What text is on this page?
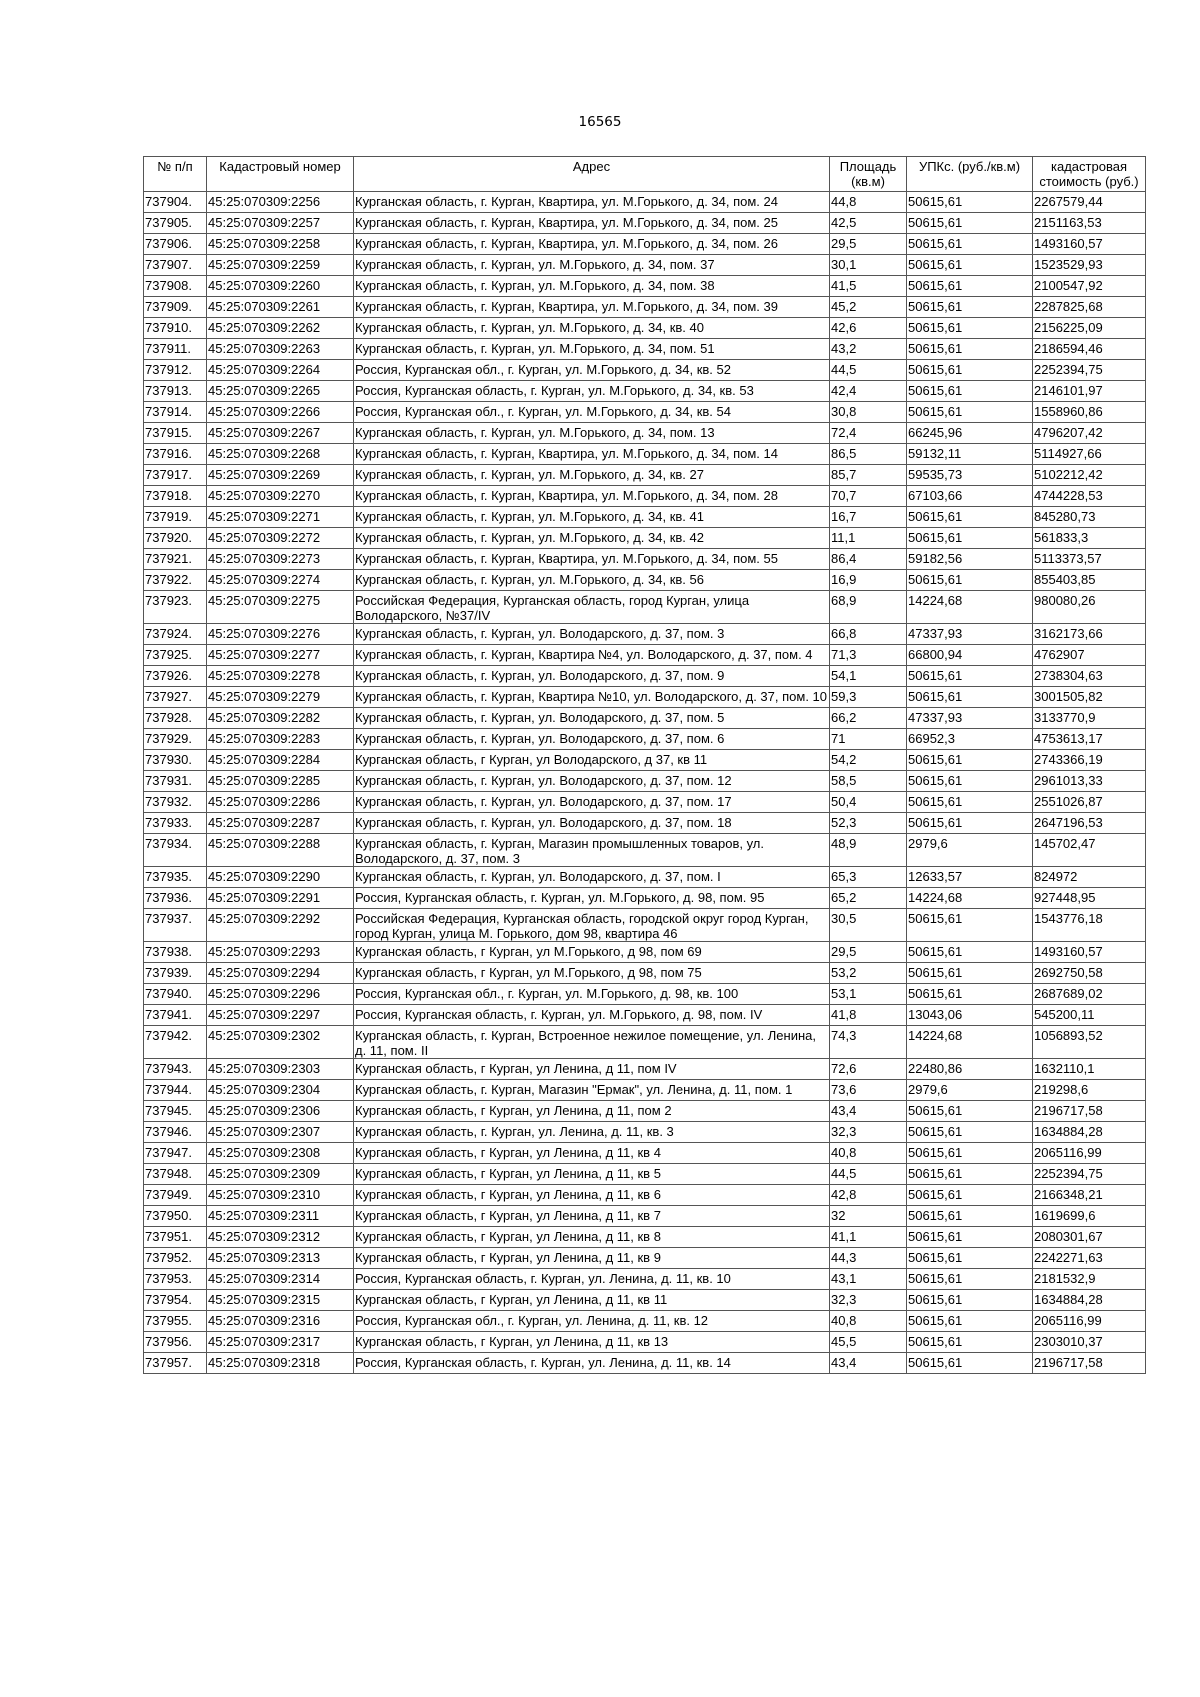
16565
№ п/п	Кадастровый номер	Адрес	Площадь (кв.м)	УПКс. (руб./кв.м)	кадастровая стоимость (руб.)
737904.	45:25:070309:2256	Курганская область, г. Курган, Квартира, ул. М.Горького, д. 34, пом. 24	44,8	50615,61	2267579,44
737905.	45:25:070309:2257	Курганская область, г. Курган, Квартира, ул. М.Горького, д. 34, пом. 25	42,5	50615,61	2151163,53
737906.	45:25:070309:2258	Курганская область, г. Курган, Квартира, ул. М.Горького, д. 34, пом. 26	29,5	50615,61	1493160,57
737907.	45:25:070309:2259	Курганская область, г. Курган, ул. М.Горького, д. 34, пом. 37	30,1	50615,61	1523529,93
737908.	45:25:070309:2260	Курганская область, г. Курган, ул. М.Горького, д. 34, пом. 38	41,5	50615,61	2100547,92
737909.	45:25:070309:2261	Курганская область, г. Курган, Квартира, ул. М.Горького, д. 34, пом. 39	45,2	50615,61	2287825,68
737910.	45:25:070309:2262	Курганская область, г. Курган, ул. М.Горького, д. 34, кв. 40	42,6	50615,61	2156225,09
737911.	45:25:070309:2263	Курганская область, г. Курган, ул. М.Горького, д. 34, пом. 51	43,2	50615,61	2186594,46
737912.	45:25:070309:2264	Россия, Курганская обл., г. Курган, ул. М.Горького, д. 34, кв. 52	44,5	50615,61	2252394,75
737913.	45:25:070309:2265	Россия, Курганская область, г. Курган, ул. М.Горького, д. 34, кв. 53	42,4	50615,61	2146101,97
737914.	45:25:070309:2266	Россия, Курганская обл., г. Курган, ул. М.Горького, д. 34, кв. 54	30,8	50615,61	1558960,86
737915.	45:25:070309:2267	Курганская область, г. Курган, ул. М.Горького, д. 34, пом. 13	72,4	66245,96	4796207,42
737916.	45:25:070309:2268	Курганская область, г. Курган, Квартира, ул. М.Горького, д. 34, пом. 14	86,5	59132,11	5114927,66
737917.	45:25:070309:2269	Курганская область, г. Курган, ул. М.Горького, д. 34, кв. 27	85,7	59535,73	5102212,42
737918.	45:25:070309:2270	Курганская область, г. Курган, Квартира, ул. М.Горького, д. 34, пом. 28	70,7	67103,66	4744228,53
737919.	45:25:070309:2271	Курганская область, г. Курган, ул. М.Горького, д. 34, кв. 41	16,7	50615,61	845280,73
737920.	45:25:070309:2272	Курганская область, г. Курган, ул. М.Горького, д. 34, кв. 42	11,1	50615,61	561833,3
737921.	45:25:070309:2273	Курганская область, г. Курган, Квартира, ул. М.Горького, д. 34, пом. 55	86,4	59182,56	5113373,57
737922.	45:25:070309:2274	Курганская область, г. Курган, ул. М.Горького, д. 34, кв. 56	16,9	50615,61	855403,85
737923.	45:25:070309:2275	Российская Федерация, Курганская область, город Курган, улица Володарского, №37/IV	68,9	14224,68	980080,26
737924.	45:25:070309:2276	Курганская область, г. Курган, ул. Володарского, д. 37, пом. 3	66,8	47337,93	3162173,66
737925.	45:25:070309:2277	Курганская область, г. Курган, Квартира №4, ул. Володарского, д. 37, пом. 4	71,3	66800,94	4762907
737926.	45:25:070309:2278	Курганская область, г. Курган, ул. Володарского, д. 37, пом. 9	54,1	50615,61	2738304,63
737927.	45:25:070309:2279	Курганская область, г. Курган, Квартира №10, ул. Володарского, д. 37, пом. 10	59,3	50615,61	3001505,82
737928.	45:25:070309:2282	Курганская область, г. Курган, ул. Володарского, д. 37, пом. 5	66,2	47337,93	3133770,9
737929.	45:25:070309:2283	Курганская область, г. Курган, ул. Володарского, д. 37, пом. 6	71	66952,3	4753613,17
737930.	45:25:070309:2284	Курганская область, г Курган, ул Володарского, д 37, кв 11	54,2	50615,61	2743366,19
737931.	45:25:070309:2285	Курганская область, г. Курган, ул. Володарского, д. 37, пом. 12	58,5	50615,61	2961013,33
737932.	45:25:070309:2286	Курганская область, г. Курган, ул. Володарского, д. 37, пом. 17	50,4	50615,61	2551026,87
737933.	45:25:070309:2287	Курганская область, г. Курган, ул. Володарского, д. 37, пом. 18	52,3	50615,61	2647196,53
737934.	45:25:070309:2288	Курганская область, г. Курган, Магазин промышленных товаров, ул. Володарского, д. 37, пом. 3	48,9	2979,6	145702,47
737935.	45:25:070309:2290	Курганская область, г. Курган, ул. Володарского, д. 37, пом. I	65,3	12633,57	824972
737936.	45:25:070309:2291	Россия, Курганская область, г. Курган, ул. М.Горького, д. 98, пом. 95	65,2	14224,68	927448,95
737937.	45:25:070309:2292	Российская Федерация, Курганская область, городской округ город Курган, город Курган, улица М. Горького, дом 98, квартира 46	30,5	50615,61	1543776,18
737938.	45:25:070309:2293	Курганская область, г Курган, ул М.Горького, д 98, пом 69	29,5	50615,61	1493160,57
737939.	45:25:070309:2294	Курганская область, г Курган, ул М.Горького, д 98, пом 75	53,2	50615,61	2692750,58
737940.	45:25:070309:2296	Россия, Курганская обл., г. Курган, ул. М.Горького, д. 98, кв. 100	53,1	50615,61	2687689,02
737941.	45:25:070309:2297	Россия, Курганская область, г. Курган, ул. М.Горького, д. 98, пом. IV	41,8	13043,06	545200,11
737942.	45:25:070309:2302	Курганская область, г. Курган, Встроенное нежилое помещение, ул. Ленина, д. 11, пом. II	74,3	14224,68	1056893,52
737943.	45:25:070309:2303	Курганская область, г Курган, ул Ленина, д 11, пом IV	72,6	22480,86	1632110,1
737944.	45:25:070309:2304	Курганская область, г. Курган, Магазин "Ермак", ул. Ленина, д. 11, пом. 1	73,6	2979,6	219298,6
737945.	45:25:070309:2306	Курганская область, г Курган, ул Ленина, д 11, пом 2	43,4	50615,61	2196717,58
737946.	45:25:070309:2307	Курганская область, г. Курган, ул. Ленина, д. 11, кв. 3	32,3	50615,61	1634884,28
737947.	45:25:070309:2308	Курганская область, г Курган, ул Ленина, д 11, кв 4	40,8	50615,61	2065116,99
737948.	45:25:070309:2309	Курганская область, г Курган, ул Ленина, д 11, кв 5	44,5	50615,61	2252394,75
737949.	45:25:070309:2310	Курганская область, г Курган, ул Ленина, д 11, кв 6	42,8	50615,61	2166348,21
737950.	45:25:070309:2311	Курганская область, г Курган, ул Ленина, д 11, кв 7	32	50615,61	1619699,6
737951.	45:25:070309:2312	Курганская область, г Курган, ул Ленина, д 11, кв 8	41,1	50615,61	2080301,67
737952.	45:25:070309:2313	Курганская область, г Курган, ул Ленина, д 11, кв 9	44,3	50615,61	2242271,63
737953.	45:25:070309:2314	Россия, Курганская область, г. Курган, ул. Ленина, д. 11, кв. 10	43,1	50615,61	2181532,9
737954.	45:25:070309:2315	Курганская область, г Курган, ул Ленина, д 11, кв 11	32,3	50615,61	1634884,28
737955.	45:25:070309:2316	Россия, Курганская обл., г. Курган, ул. Ленина, д. 11, кв. 12	40,8	50615,61	2065116,99
737956.	45:25:070309:2317	Курганская область, г Курган, ул Ленина, д 11, кв 13	45,5	50615,61	2303010,37
737957.	45:25:070309:2318	Россия, Курганская область, г. Курган, ул. Ленина, д. 11, кв. 14	43,4	50615,61	2196717,58
